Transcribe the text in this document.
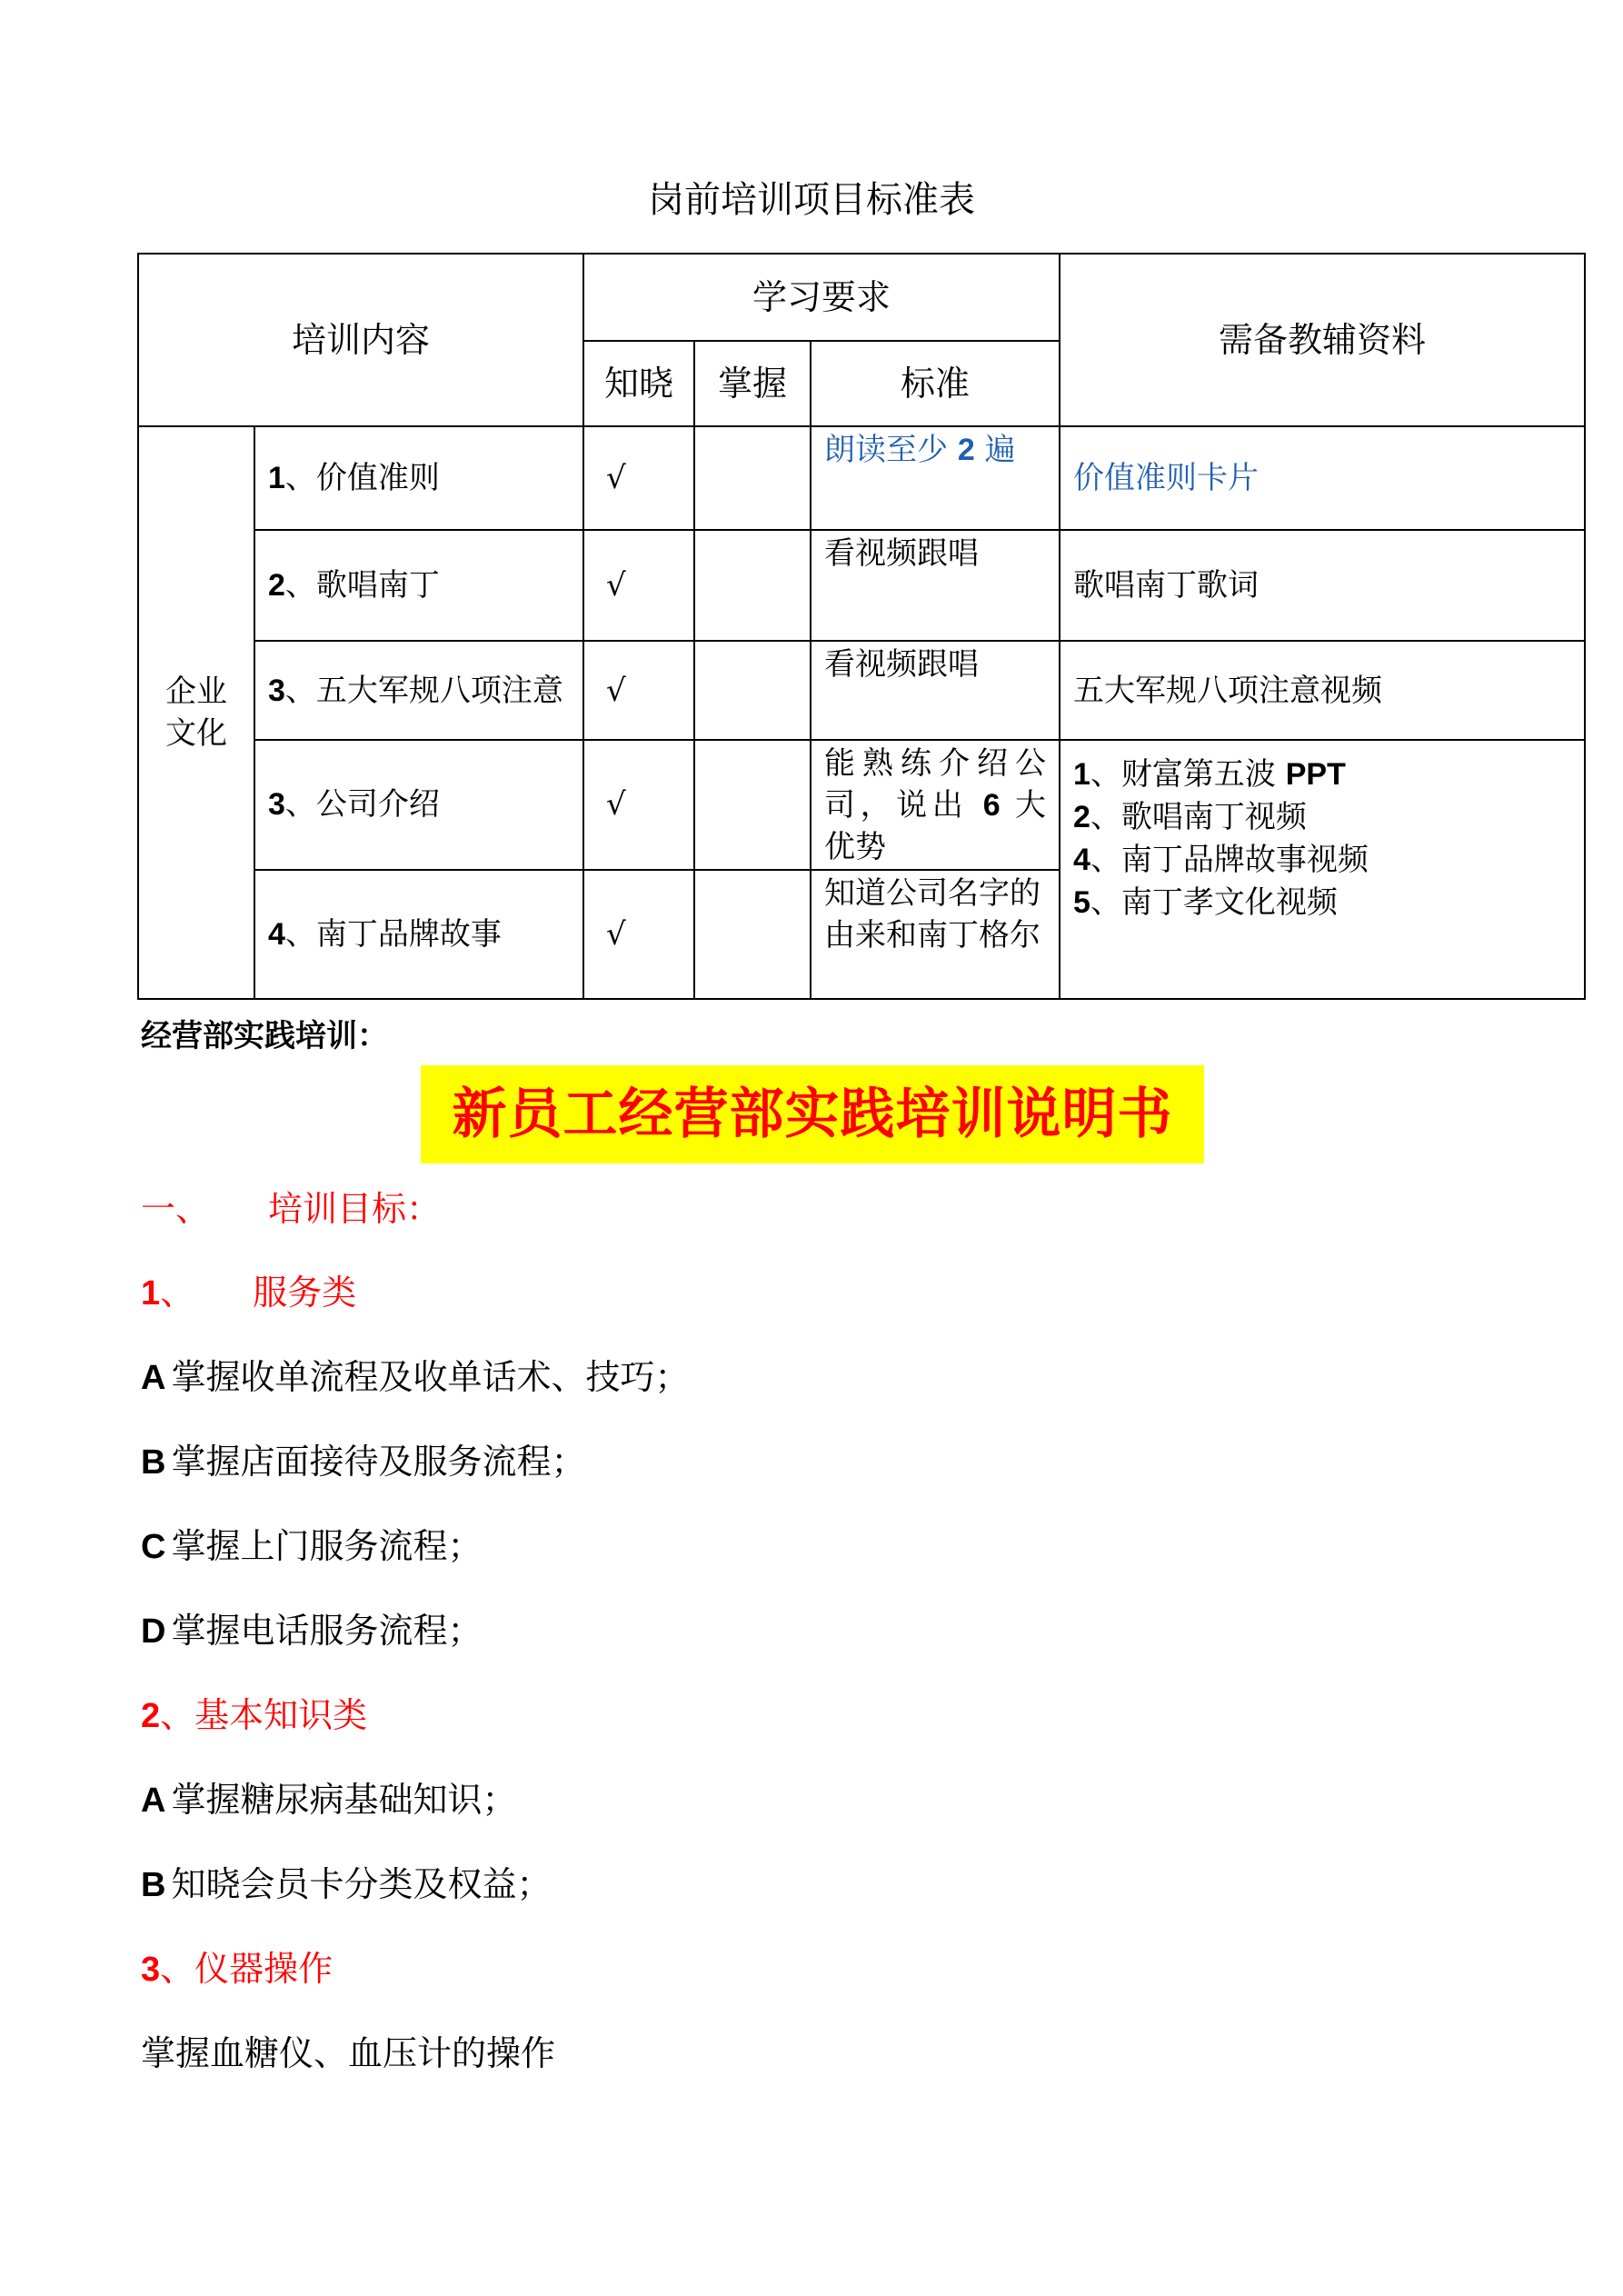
岗前培训项目标准表
培训内容		学习要求			需备教辅资料
		知晓	掌握	标准	

企业文化	1、价值准则	√		朗读至少 2 遍	价值准则卡片
	2、歌唱南丁	√		看视频跟唱	歌唱南丁歌词
	3、五大军规八项注意	√		看视频跟唱	五大军规八项注意视频
	3、公司介绍	√		能熟练介绍公司，说出 6 大优势	1、财富第五波 PPT
2、歌唱南丁视频
4、南丁品牌故事视频
5、南丁孝文化视频

	4、南丁品牌故事	√		知道公司名字的由来和南丁格尔	
经营部实践培训：
新员工经营部实践培训说明书
一、 培训目标：
1、 服务类
A 掌握收单流程及收单话术、技巧；
B 掌握店面接待及服务流程；
C 掌握上门服务流程；
D 掌握电话服务流程；
2、基本知识类
A 掌握糖尿病基础知识；
B 知晓会员卡分类及权益；
3、仪器操作
掌握血糖仪、血压计的操作
